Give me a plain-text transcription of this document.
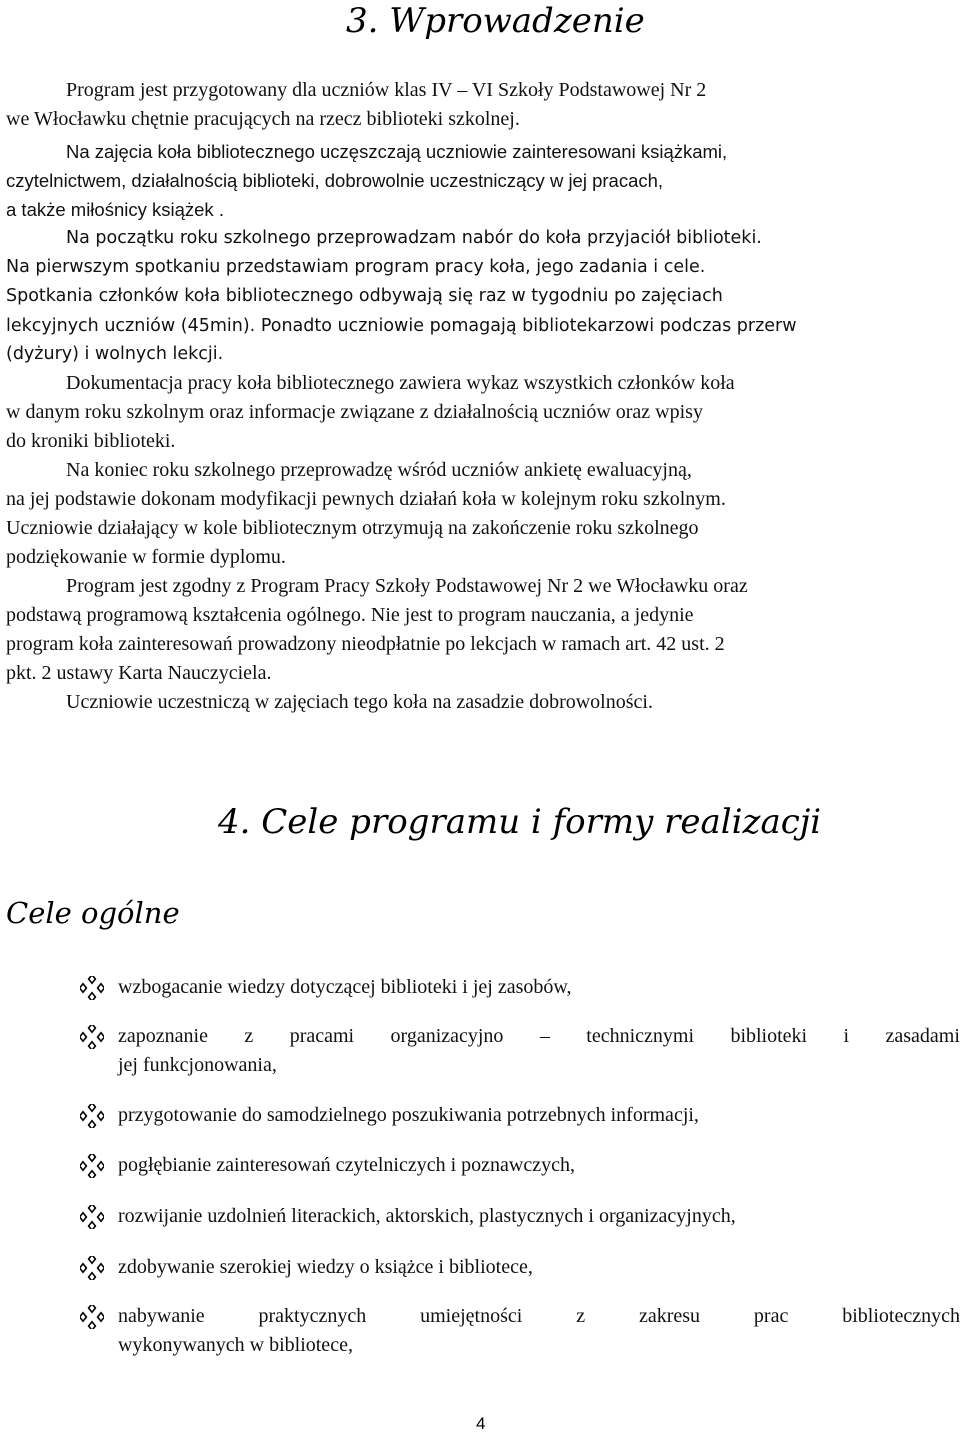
3. Wprowadzenie
Program jest przygotowany dla uczniów klas IV – VI Szkoły Podstawowej Nr 2
we Włocławku chętnie pracujących na rzecz biblioteki szkolnej.
Na zajęcia koła bibliotecznego uczęszczają uczniowie zainteresowani książkami,
czytelnictwem, działalnością biblioteki, dobrowolnie uczestniczący w jej pracach,
a także miłośnicy książek .
Na początku roku szkolnego przeprowadzam nabór do koła przyjaciół biblioteki.
Na pierwszym spotkaniu przedstawiam program pracy koła, jego zadania i cele.
Spotkania członków koła bibliotecznego odbywają się raz w tygodniu po zajęciach
lekcyjnych uczniów (45min). Ponadto uczniowie pomagają bibliotekarzowi podczas przerw
(dyżury) i wolnych lekcji.
Dokumentacja pracy koła bibliotecznego zawiera wykaz wszystkich członków koła
w danym roku szkolnym oraz informacje związane z działalnością uczniów oraz wpisy
do kroniki biblioteki.
Na koniec roku szkolnego przeprowadzę wśród uczniów ankietę ewaluacyjną,
na jej podstawie dokonam modyfikacji pewnych działań koła w kolejnym roku szkolnym.
Uczniowie działający w kole bibliotecznym otrzymują na zakończenie roku szkolnego
podziękowanie w formie dyplomu.
Program jest zgodny z Program Pracy Szkoły Podstawowej Nr 2 we Włocławku oraz
podstawą programową kształcenia ogólnego. Nie jest to program nauczania, a jedynie
program koła zainteresowań prowadzony nieodpłatnie po lekcjach w ramach art. 42 ust. 2
pkt. 2 ustawy Karta Nauczyciela.
Uczniowie uczestniczą w zajęciach tego koła na zasadzie dobrowolności.
4. Cele programu i formy realizacji
Cele ogólne
wzbogacanie wiedzy dotyczącej biblioteki i jej zasobów,
zapoznanie z pracami organizacyjno – technicznymi biblioteki i zasadami
jej funkcjonowania,
przygotowanie do samodzielnego poszukiwania potrzebnych informacji,
pogłębianie zainteresowań czytelniczych i poznawczych,
rozwijanie uzdolnień literackich, aktorskich, plastycznych i organizacyjnych,
zdobywanie szerokiej wiedzy o książce i bibliotece,
nabywanie	praktycznych	umiejętności	z	zakresu	prac	bibliotecznych
wykonywanych w bibliotece,
4
